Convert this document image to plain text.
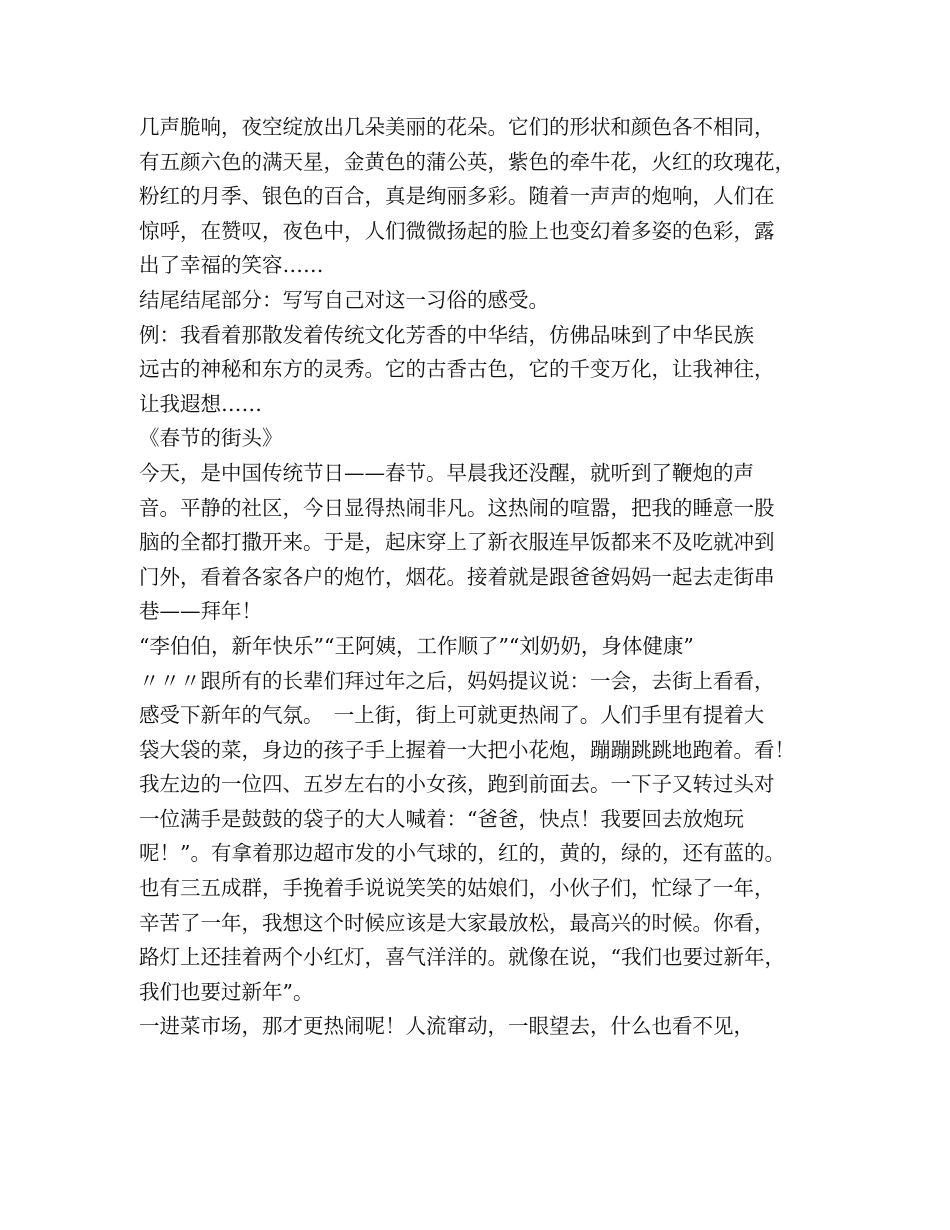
几声脆响，夜空绽放出几朵美丽的花朵。它们的形状和颜色各不相同，
有五颜六色的满天星，金黄色的蒲公英，紫色的牵牛花，火红的玫瑰花，
粉红的月季、银色的百合，真是绚丽多彩。随着一声声的炮响，人们在
惊呼，在赞叹，夜色中，人们微微扬起的脸上也变幻着多姿的色彩，露
出了幸福的笑容……
结尾结尾部分：写写自己对这一习俗的感受。
例：我看着那散发着传统文化芳香的中华结，仿佛品味到了中华民族
远古的神秘和东方的灵秀。它的古香古色，它的千变万化，让我神往，
让我遐想……
《春节的街头》
今天，是中国传统节日——春节。早晨我还没醒，就听到了鞭炮的声
音。平静的社区，今日显得热闹非凡。这热闹的喧嚣，把我的睡意一股
脑的全都打撒开来。于是，起床穿上了新衣服连早饭都来不及吃就冲到
门外，看着各家各户的炮竹，烟花。接着就是跟爸爸妈妈一起去走街串
巷——拜年！
“李伯伯，新年快乐”“王阿姨，工作顺了”“刘奶奶，身体健康”
〃〃〃跟所有的长辈们拜过年之后，妈妈提议说：一会，去街上看看，
感受下新年的气氛。　一上街，街上可就更热闹了。人们手里有提着大
袋大袋的菜，身边的孩子手上握着一大把小花炮，蹦蹦跳跳地跑着。看！
我左边的一位四、五岁左右的小女孩，跑到前面去。一下子又转过头对
一位满手是鼓鼓的袋子的大人喊着：“爸爸，快点！我要回去放炮玩
呢！”。有拿着那边超市发的小气球的，红的，黄的，绿的，还有蓝的。
也有三五成群，手挽着手说说笑笑的姑娘们，小伙子们，忙绿了一年，
辛苦了一年，我想这个时候应该是大家最放松，最高兴的时候。你看，
路灯上还挂着两个小红灯，喜气洋洋的。就像在说，“我们也要过新年，
我们也要过新年”。
一进菜市场，那才更热闹呢！人流窜动，一眼望去，什么也看不见，
